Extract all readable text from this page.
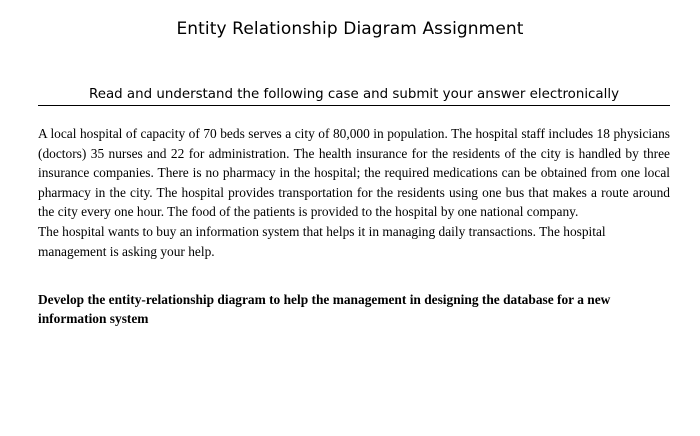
Entity Relationship Diagram Assignment
Read and understand the following case and submit your answer electronically

A local hospital of capacity of 70 beds serves a city of 80,000 in population. The hospital staff includes 18 physicians (doctors) 35 nurses and 22 for administration. The health insurance for the residents of the city is handled by three insurance companies. There is no pharmacy in the hospital; the required medications can be obtained from one local pharmacy in the city. The hospital provides transportation for the residents using one bus that makes a route around the city every one hour. The food of the patients is provided to the hospital by one national company.

The hospital wants to buy an information system that helps it in managing daily transactions. The hospital management is asking your help.

Develop the entity-relationship diagram to help the management in designing the database for a new information system
